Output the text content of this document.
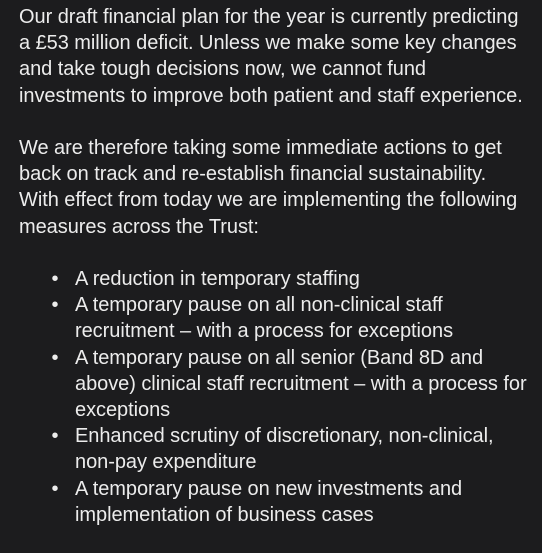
Our draft financial plan for the year is currently predicting a £53 million deficit. Unless we make some key changes and take tough decisions now, we cannot fund investments to improve both patient and staff experience.

We are therefore taking some immediate actions to get back on track and re-establish financial sustainability. With effect from today we are implementing the following measures across the Trust:

• A reduction in temporary staffing
• A temporary pause on all non-clinical staff recruitment – with a process for exceptions
• A temporary pause on all senior (Band 8D and above) clinical staff recruitment – with a process for exceptions
• Enhanced scrutiny of discretionary, non-clinical, non-pay expenditure
• A temporary pause on new investments and implementation of business cases
